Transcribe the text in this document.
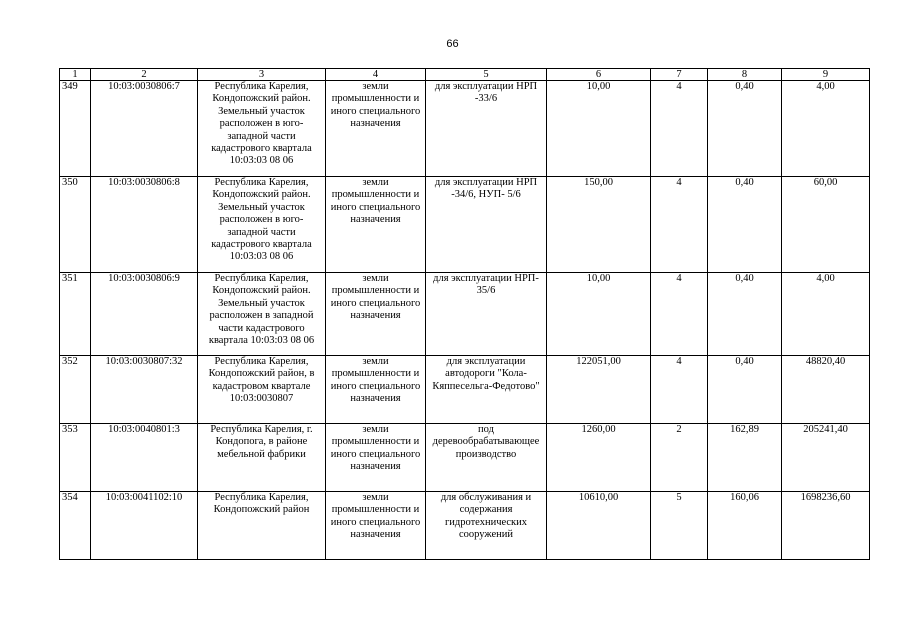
66
1	2	3	4	5	6	7	8	9
349	10:03:0030806:7	Республика Карелия, Кондопожский район. Земельный участок расположен в юго-западной части кадастрового квартала 10:03:03 08 06	земли промышленности и иного специального назначения	для эксплуатации НРП -33/6	10,00	4	0,40	4,00
350	10:03:0030806:8	Республика Карелия, Кондопожский район. Земельный участок расположен в юго-западной части кадастрового квартала 10:03:03 08 06	земли промышленности и иного специального назначения	для эксплуатации НРП -34/6, НУП- 5/6	150,00	4	0,40	60,00
351	10:03:0030806:9	Республика Карелия, Кондопожский район. Земельный участок расположен в западной части кадастрового квартала 10:03:03 08 06	земли промышленности и иного специального назначения	для эксплуатации НРП- 35/6	10,00	4	0,40	4,00
352	10:03:0030807:32	Республика Карелия, Кондопожский район, в кадастровом квартале 10:03:0030807	земли промышленности и иного специального назначения	для эксплуатации автодороги "Кола-Кяппесельга-Федотово"	122051,00	4	0,40	48820,40
353	10:03:0040801:3	Республика Карелия, г. Кондопога, в районе мебельной фабрики	земли промышленности и иного специального назначения	под деревообрабатывающее производство	1260,00	2	162,89	205241,40
354	10:03:0041102:10	Республика Карелия, Кондопожский район	земли промышленности и иного специального назначения	для обслуживания и содержания гидротехнических сооружений	10610,00	5	160,06	1698236,60
